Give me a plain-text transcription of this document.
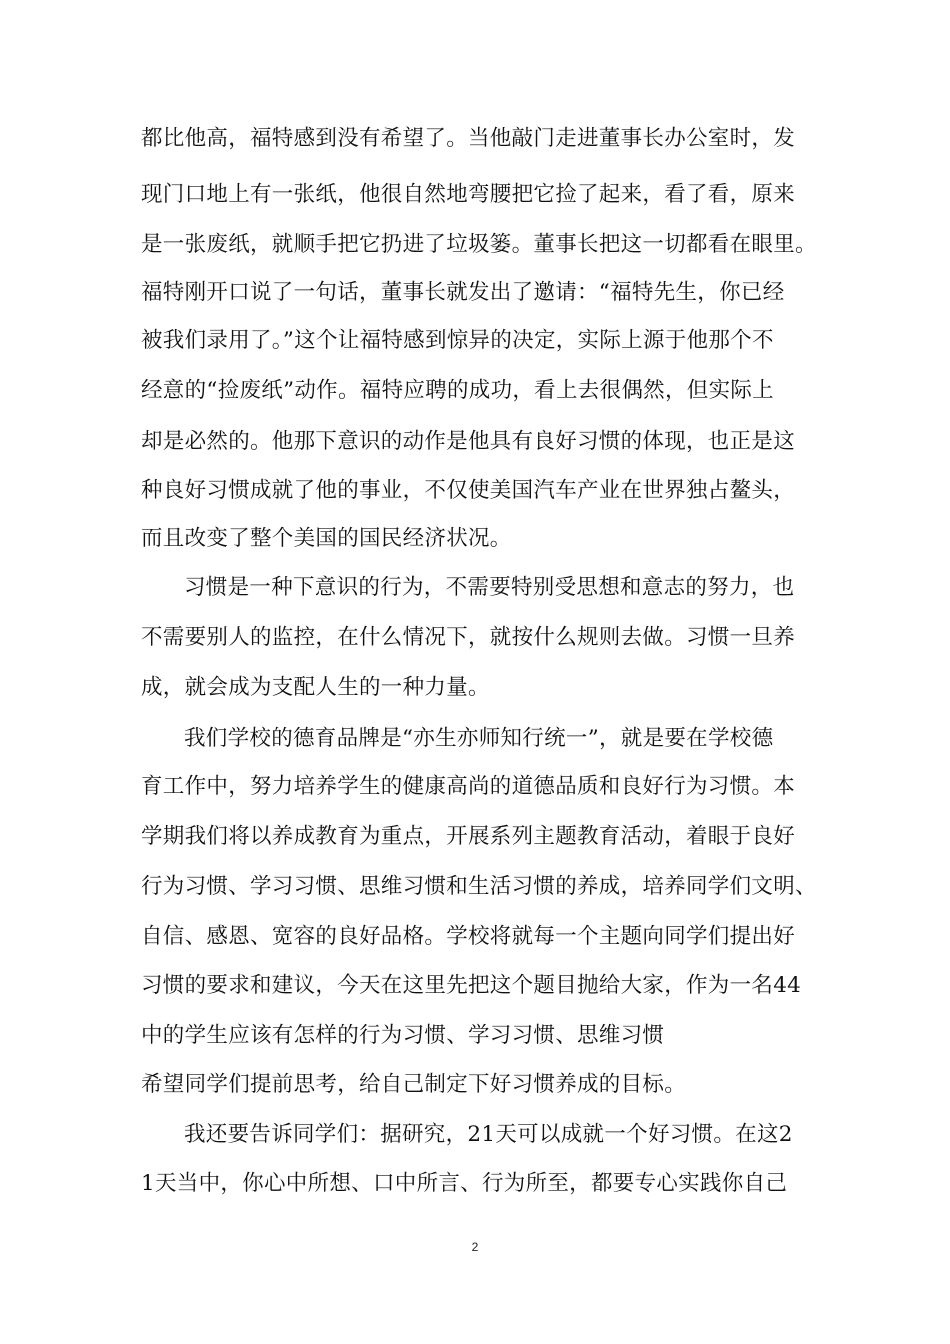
都比他高，福特感到没有希望了。当他敲门走进董事长办公室时，发
现门口地上有一张纸，他很自然地弯腰把它捡了起来，看了看，原来
是一张废纸，就顺手把它扔进了垃圾篓。董事长把这一切都看在眼里。
福特刚开口说了一句话，董事长就发出了邀请：“福特先生，你已经
被我们录用了。”这个让福特感到惊异的决定，实际上源于他那个不
经意的“捡废纸”动作。福特应聘的成功，看上去很偶然，但实际上
却是必然的。他那下意识的动作是他具有良好习惯的体现，也正是这
种良好习惯成就了他的事业，不仅使美国汽车产业在世界独占鳌头，
而且改变了整个美国的国民经济状况。
习惯是一种下意识的行为，不需要特别受思想和意志的努力，也
不需要别人的监控，在什么情况下，就按什么规则去做。习惯一旦养
成，就会成为支配人生的一种力量。
我们学校的德育品牌是“亦生亦师知行统一”，就是要在学校德
育工作中，努力培养学生的健康高尚的道德品质和良好行为习惯。本
学期我们将以养成教育为重点，开展系列主题教育活动，着眼于良好
行为习惯、学习习惯、思维习惯和生活习惯的养成，培养同学们文明、
自信、感恩、宽容的良好品格。学校将就每一个主题向同学们提出好
习惯的要求和建议，今天在这里先把这个题目抛给大家，作为一名44
中的学生应该有怎样的行为习惯、学习习惯、思维习惯
希望同学们提前思考，给自己制定下好习惯养成的目标。
我还要告诉同学们：据研究，21天可以成就一个好习惯。在这2
1天当中，你心中所想、口中所言、行为所至，都要专心实践你自己
2
